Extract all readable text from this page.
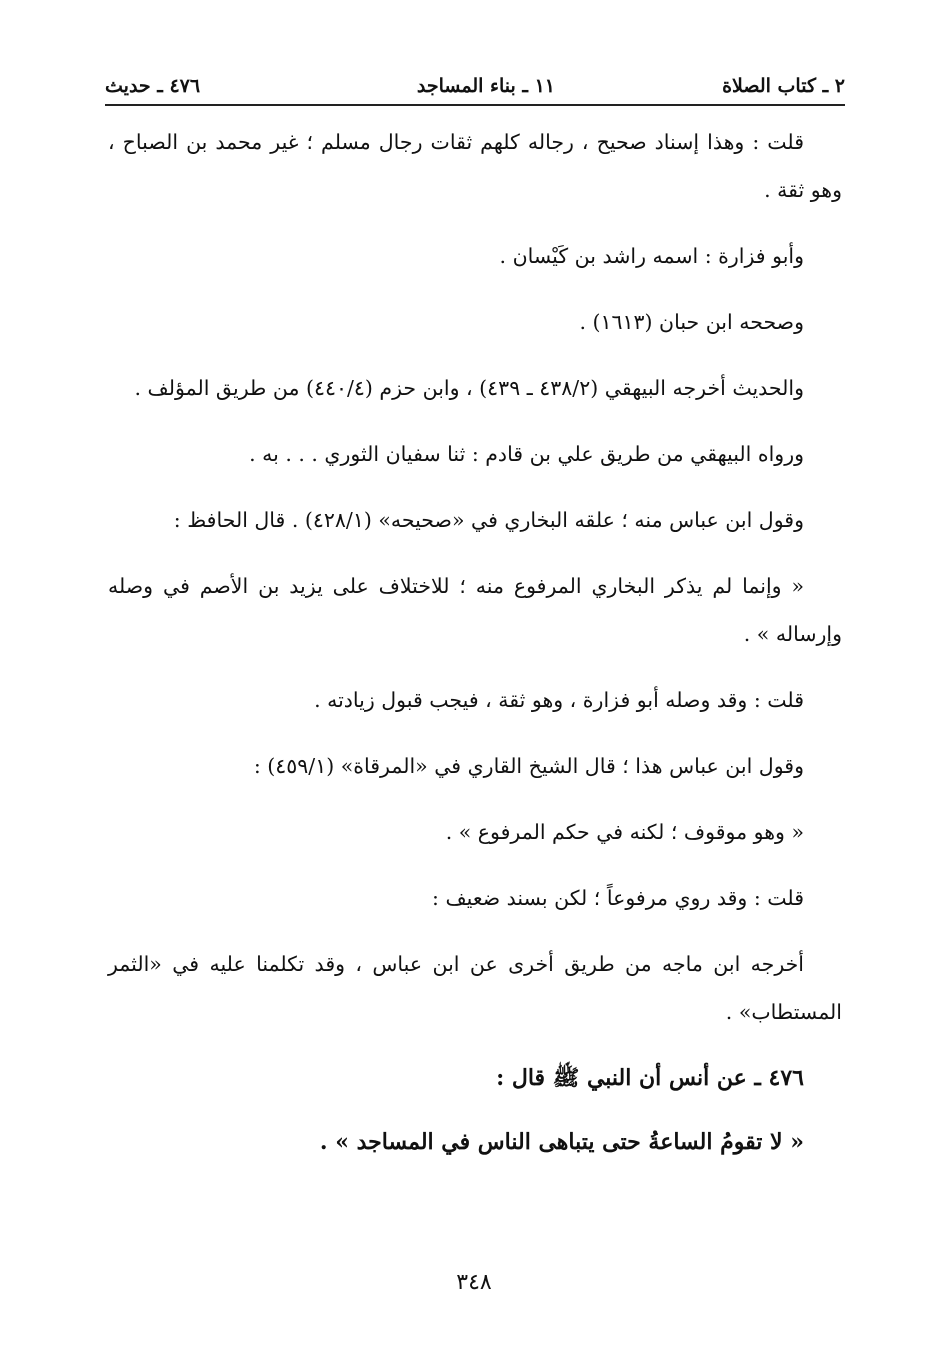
٢ ـ كتاب الصلاة
١١ ـ بناء المساجد
٤٧٦ ـ حديث

قلت : وهذا إسناد صحيح ، رجاله كلهم ثقات رجال مسلم ؛ غير محمد بن الصباح ، وهو ثقة .

وأبو فزارة : اسمه راشد بن كَيْسان .

وصححه ابن حبان (١٦١٣) .

والحديث أخرجه البيهقي (٤٣٨/٢ ـ ٤٣٩) ، وابن حزم (٤٤٠/٤) من طريق المؤلف .

ورواه البيهقي من طريق علي بن قادم : ثنا سفيان الثوري . . . به .

وقول ابن عباس منه ؛ علقه البخاري في «صحيحه» (٤٢٨/١) . قال الحافظ :

« وإنما لم يذكر البخاري المرفوع منه ؛ للاختلاف على يزيد بن الأصم في وصله وإرساله » .

قلت : وقد وصله أبو فزارة ، وهو ثقة ، فيجب قبول زيادته .

وقول ابن عباس هذا ؛ قال الشيخ القاري في «المرقاة» (٤٥٩/١) :

« وهو موقوف ؛ لكنه في حكم المرفوع » .

قلت : وقد روي مرفوعاً ؛ لكن بسند ضعيف :

أخرجه ابن ماجه من طريق أخرى عن ابن عباس ، وقد تكلمنا عليه في «الثمر المستطاب» .

٤٧٦ ـ عن أنس أن النبي ﷺ قال :

« لا تقومُ الساعةُ حتى يتباهى الناس في المساجد » .

٣٤٨
